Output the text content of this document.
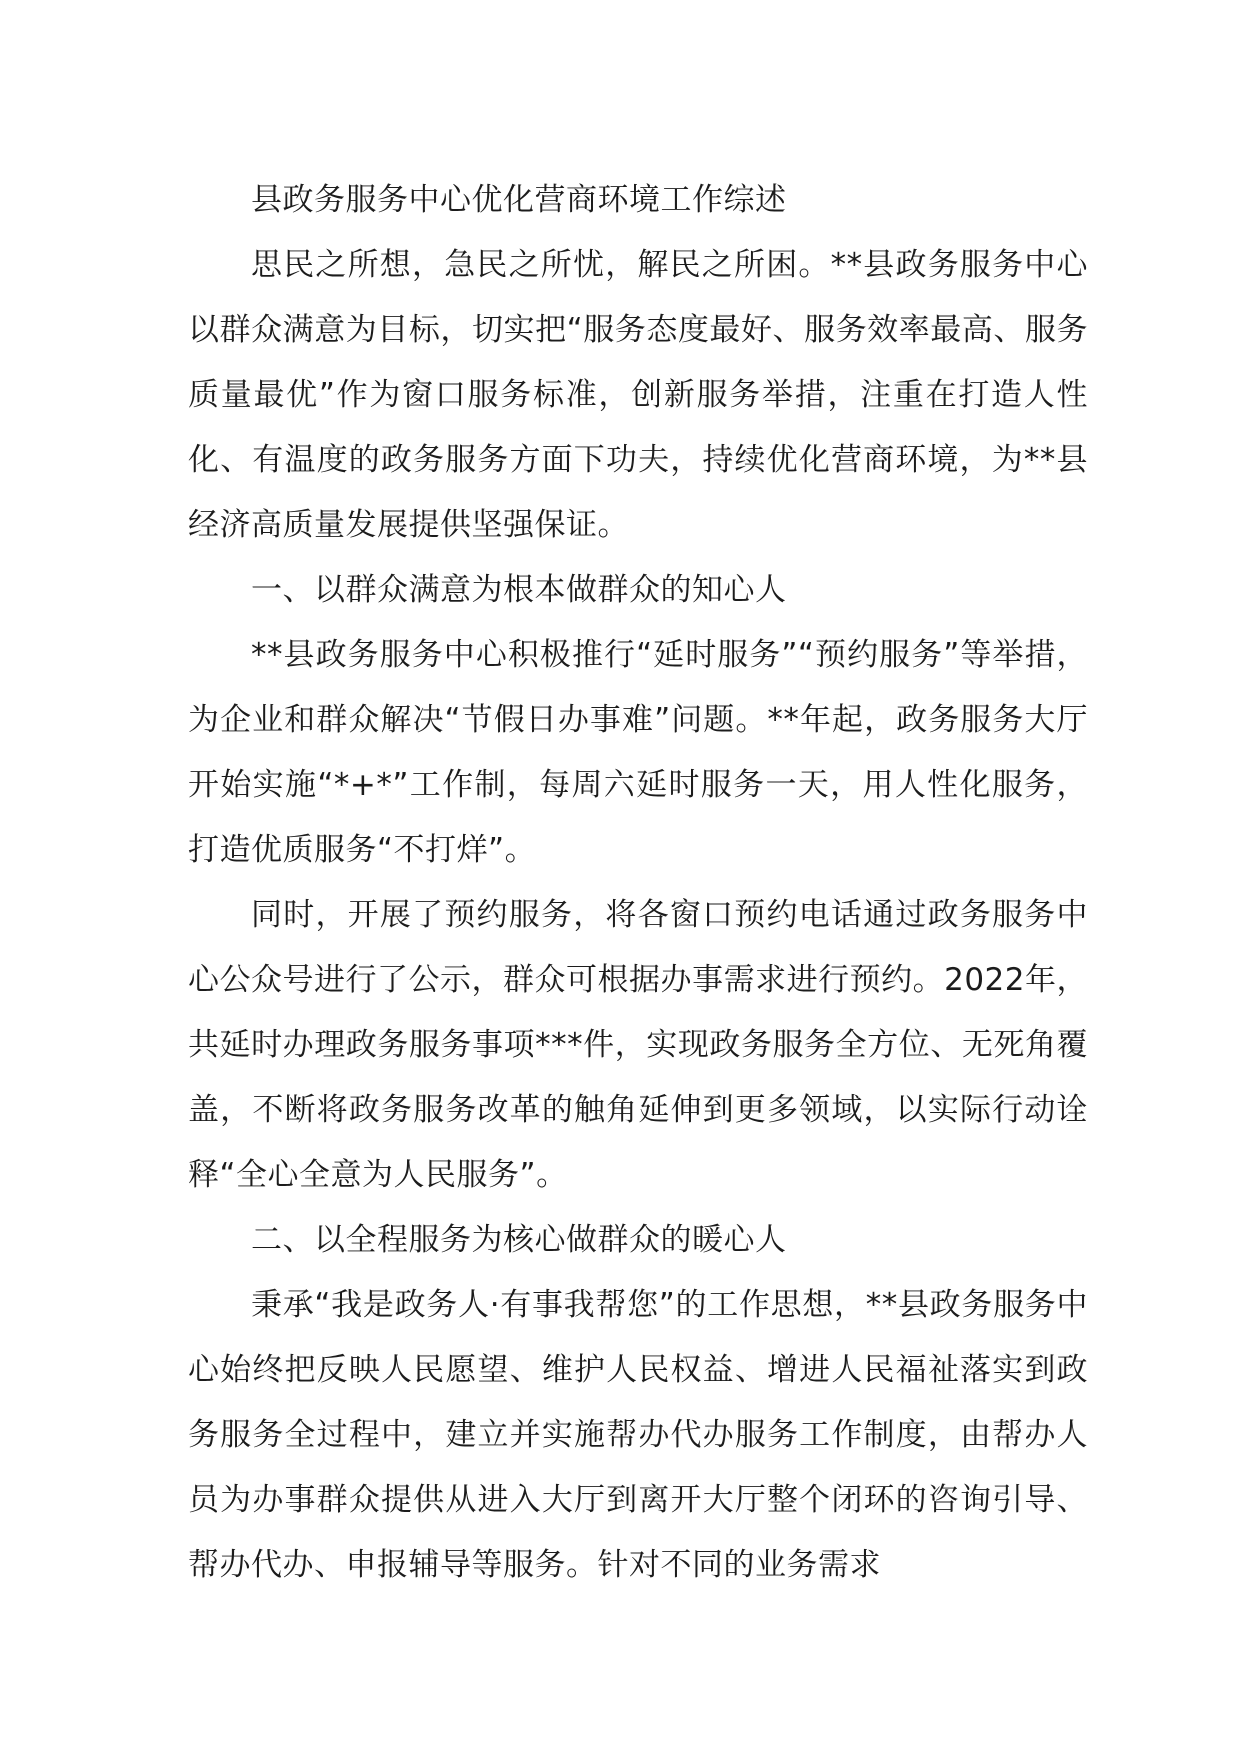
县政务服务中心优化营商环境工作综述

思民之所想，急民之所忧，解民之所困。**县政务服务中心以群众满意为目标，切实把“服务态度最好、服务效率最高、服务质量最优”作为窗口服务标准，创新服务举措，注重在打造人性化、有温度的政务服务方面下功夫，持续优化营商环境，为**县经济高质量发展提供坚强保证。

一、以群众满意为根本做群众的知心人

**县政务服务中心积极推行“延时服务”“预约服务”等举措，为企业和群众解决“节假日办事难”问题。**年起，政务服务大厅开始实施“*+*”工作制，每周六延时服务一天，用人性化服务，打造优质服务“不打烊”。

同时，开展了预约服务，将各窗口预约电话通过政务服务中心公众号进行了公示，群众可根据办事需求进行预约。2022年，共延时办理政务服务事项***件，实现政务服务全方位、无死角覆盖，不断将政务服务改革的触角延伸到更多领域，以实际行动诠释“全心全意为人民服务”。

二、以全程服务为核心做群众的暖心人

秉承“我是政务人·有事我帮您”的工作思想，**县政务服务中心始终把反映人民愿望、维护人民权益、增进人民福祉落实到政务服务全过程中，建立并实施帮办代办服务工作制度，由帮办人员为办事群众提供从进入大厅到离开大厅整个闭环的咨询引导、帮办代办、申报辅导等服务。针对不同的业务需求
